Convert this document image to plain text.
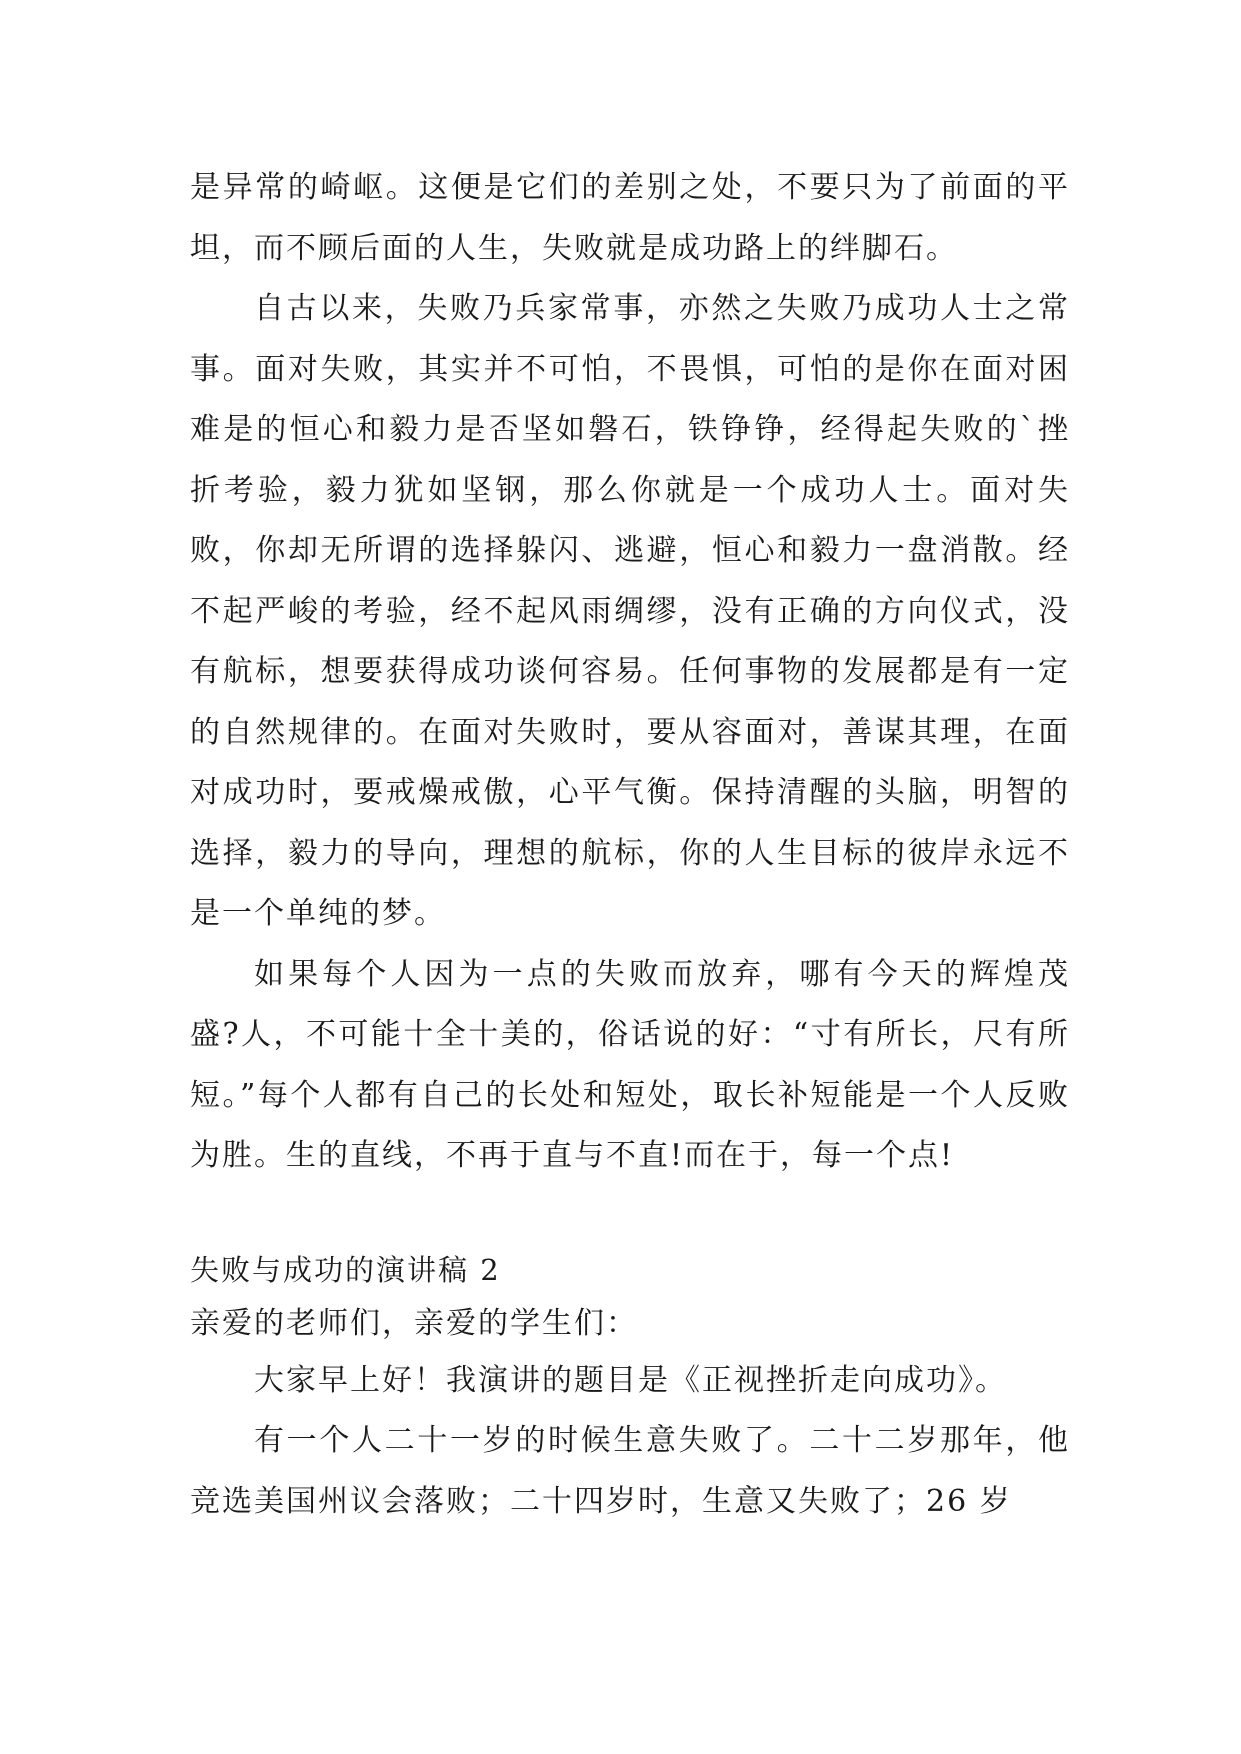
是异常的崎岖。这便是它们的差别之处，不要只为了前面的平坦，而不顾后面的人生，失败就是成功路上的绊脚石。

自古以来，失败乃兵家常事，亦然之失败乃成功人士之常事。面对失败，其实并不可怕，不畏惧，可怕的是你在面对困难是的恒心和毅力是否坚如磐石，铁铮铮，经得起失败的`挫折考验，毅力犹如坚钢，那么你就是一个成功人士。面对失败，你却无所谓的选择躲闪、逃避，恒心和毅力一盘消散。经不起严峻的考验，经不起风雨绸缪，没有正确的方向仪式，没有航标，想要获得成功谈何容易。任何事物的发展都是有一定的自然规律的。在面对失败时，要从容面对，善谋其理，在面对成功时，要戒燥戒傲，心平气衡。保持清醒的头脑，明智的选择，毅力的导向，理想的航标，你的人生目标的彼岸永远不是一个单纯的梦。

如果每个人因为一点的失败而放弃，哪有今天的辉煌茂盛?人，不可能十全十美的，俗话说的好：“寸有所长，尺有所短。”每个人都有自己的长处和短处，取长补短能是一个人反败为胜。生的直线，不再于直与不直!而在于，每一个点!

失败与成功的演讲稿 2

亲爱的老师们，亲爱的学生们：

大家早上好！我演讲的题目是《正视挫折走向成功》。

有一个人二十一岁的时候生意失败了。二十二岁那年，他竞选美国州议会落败；二十四岁时，生意又失败了；26 岁
